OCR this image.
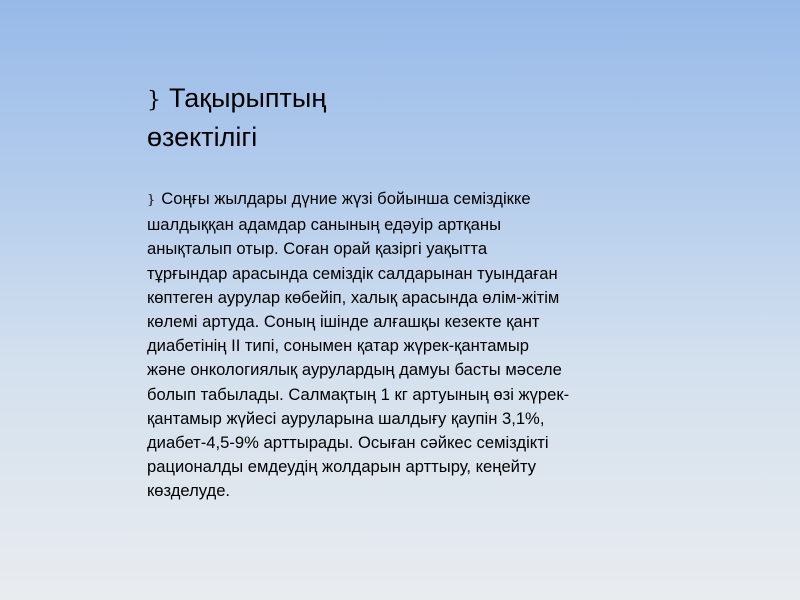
} Тақырыптың
өзектілігі
} Соңғы жылдары дүние жүзі бойынша семіздікке
шалдыққан адамдар санының едәуір артқаны
анықталып отыр. Соған орай қазіргі уақытта
тұрғындар арасында семіздік салдарынан туындаған
көптеген аурулар көбейіп, халық арасында өлім-жітім
көлемі артуда. Соның ішінде алғашқы кезекте қант
диабетінің ІІ типі, сонымен қатар жүрек-қантамыр
және онкологиялық аурулардың дамуы басты мәселе
болып табылады. Салмақтың 1 кг артуының өзі жүрек-
қантамыр жүйесі ауруларына шалдығу қаупін 3,1%,
диабет-4,5-9% арттырады. Осыған сәйкес семіздікті
рационалды емдеудің жолдарын арттыру, кеңейту
көзделуде.
